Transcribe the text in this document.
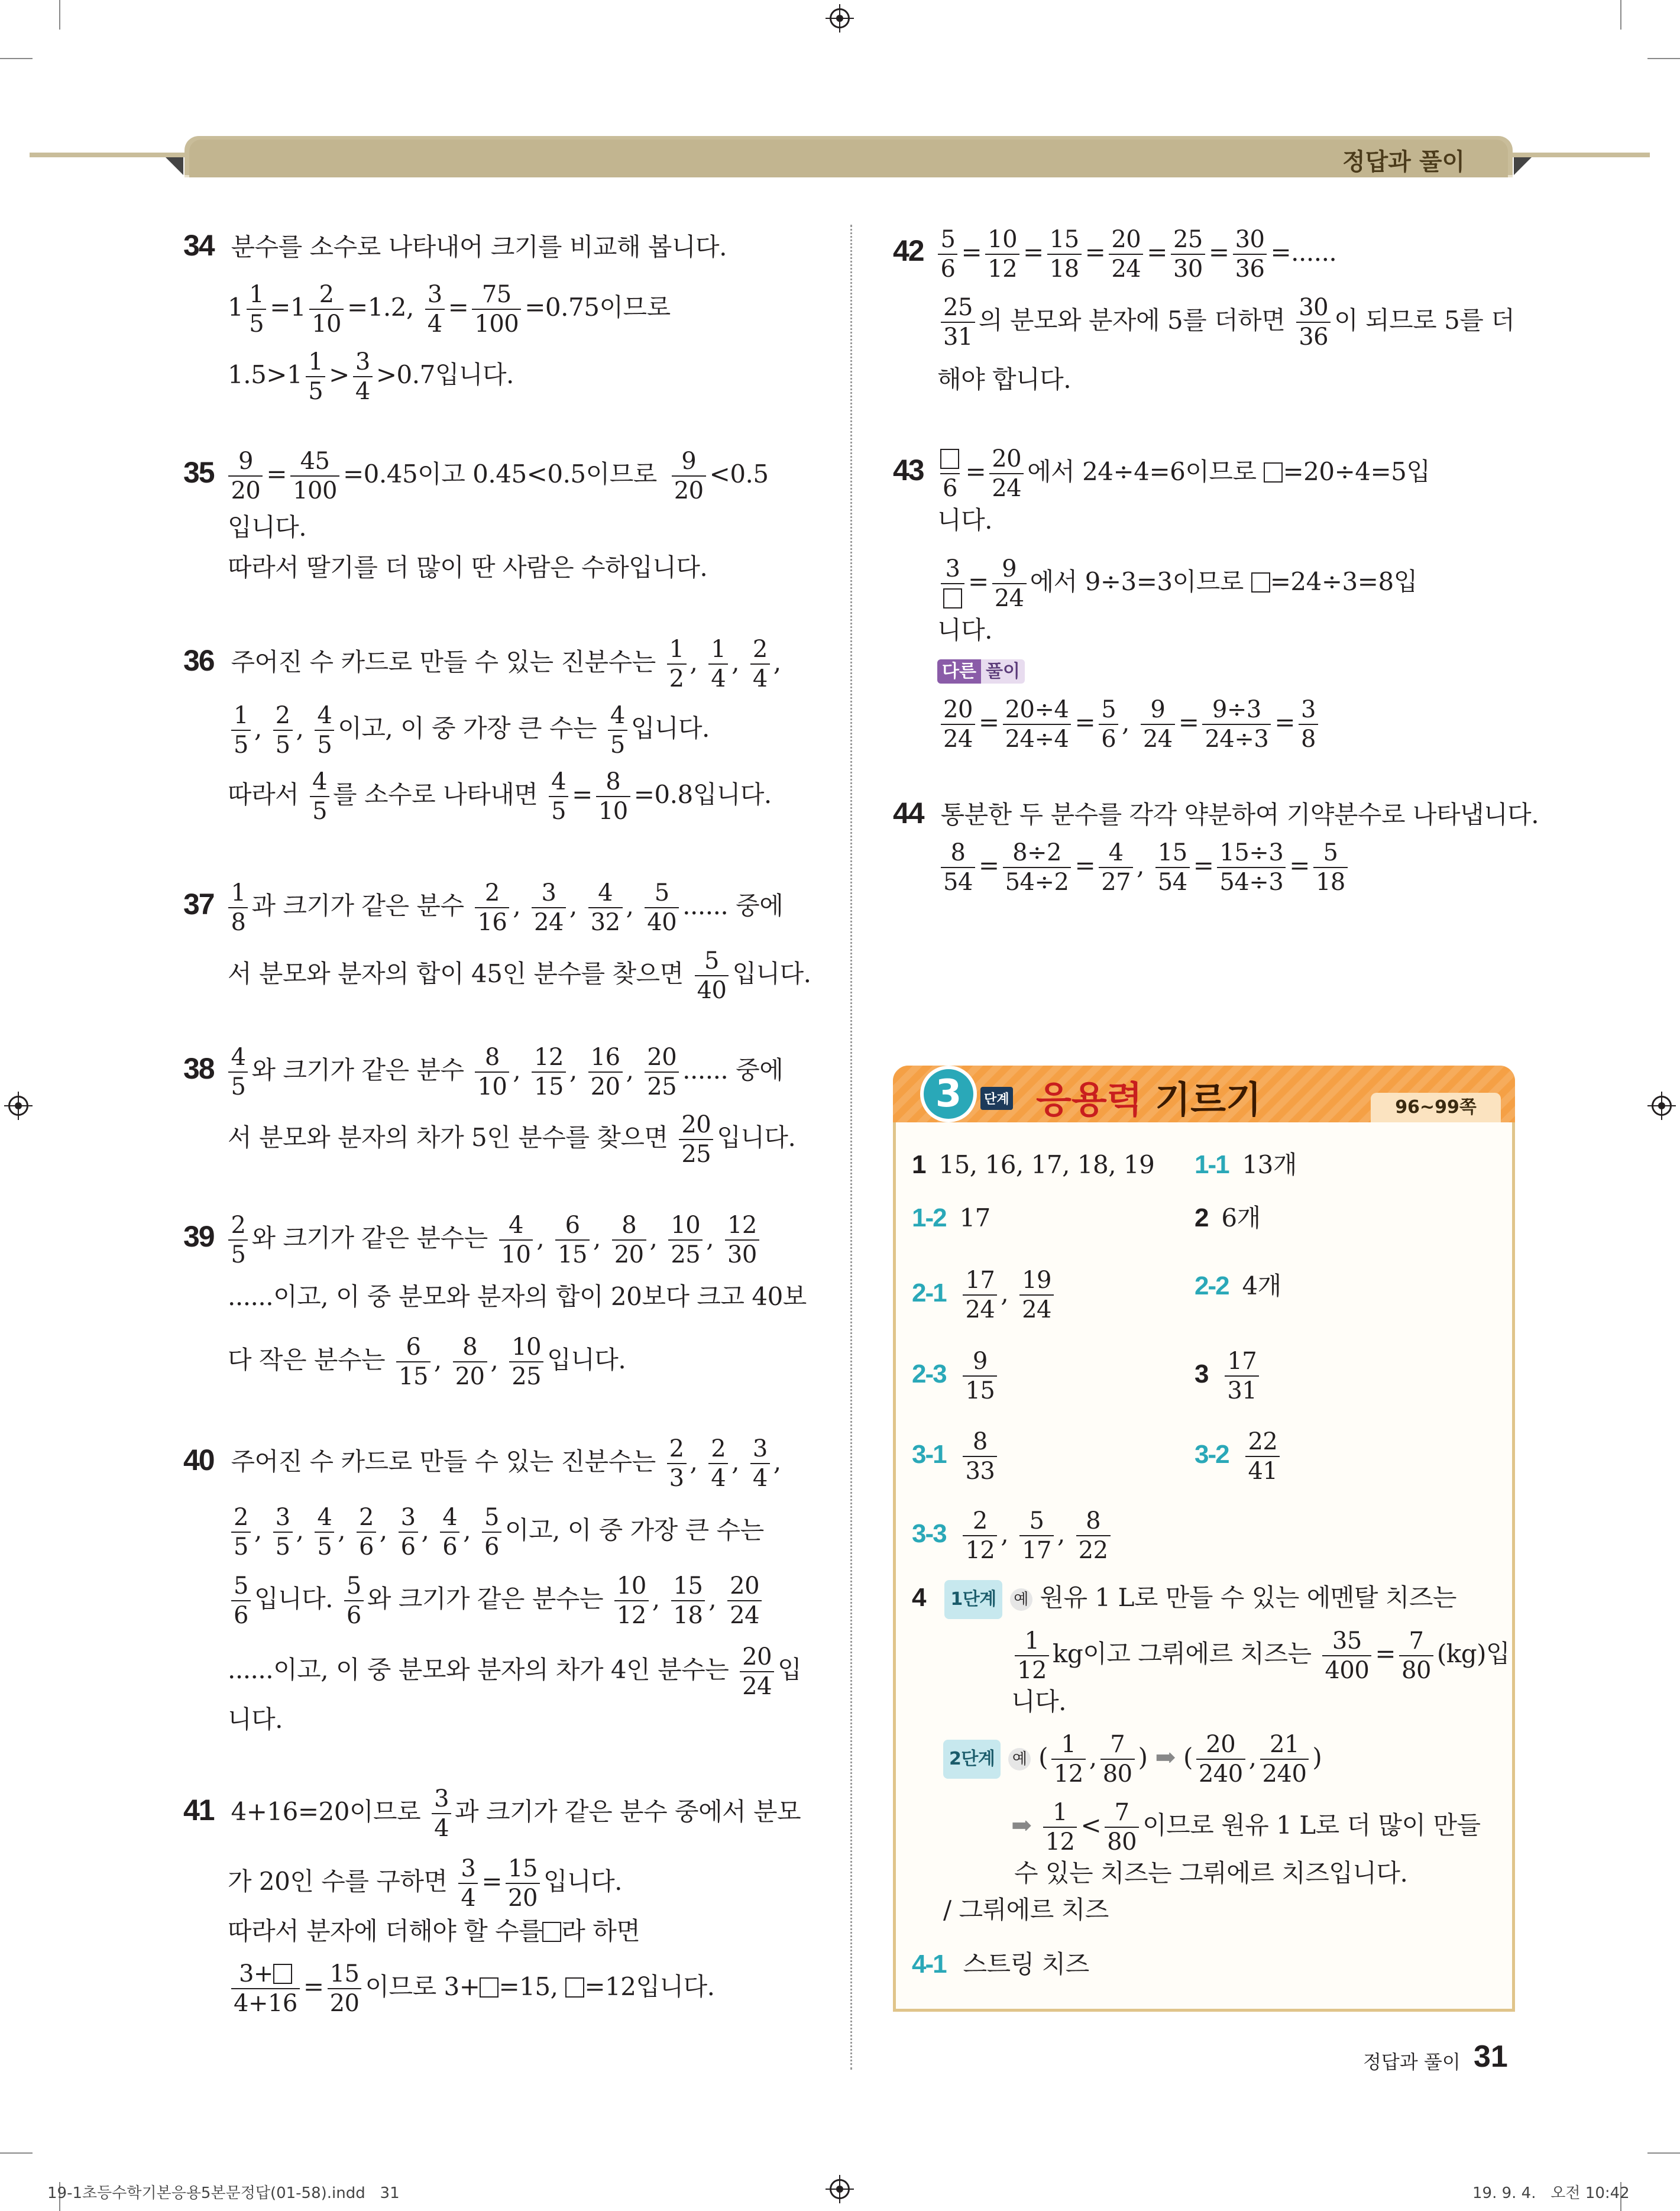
정답과 풀이
34 분수를 소수로 나타내어 크기를 비교해 봅니다.
$1 \frac{1}{5} =1 \frac{2}{10} =1.2$, $\frac{3}{4} = \frac{75}{100} =0.75$이므로
$1.5>1 \frac{1}{5} > \frac{3}{4} >0.7$입니다.
$35 \frac{9}{20} = \frac{45}{100} =0.45$이고 0.45<0.5이므로 $\frac{9}{20} <0.5$
입니다.
따라서 딸기를 더 많이 딴 사람은 수하입니다.
36 주어진 수 카드로 만들 수 있는 진분수는 $\frac{1}{2}$ , $\frac{1}{4}$ , $\frac{2}{4}$ ,
$\frac{1}{5}$ , $\frac{2}{5}$ , $\frac{4}{5}$ 이고, 이 중 가장 큰 수는 $\frac{4}{5}$ 입니다.
따라서 $\frac{4}{5}$ 를 소수로 나타내면 $\frac{4}{5} = \frac{8}{10} =0.8$입니다.
$37 \frac{1}{8}$ 과 크기가 같은 분수 $\frac{2}{16}$ , $\frac{3}{24}$ , $\frac{4}{32}$ , $\frac{5}{40}$ ...... 중에
서 분모와 분자의 합이 45인 분수를 찾으면 $\frac{5}{40}$ 입니다.
$38 \frac{4}{5}$ 와 크기가 같은 분수 $\frac{8}{10}$ , $\frac{12}{15}$ , $\frac{16}{20}$ , $\frac{20}{25}$ ...... 중에
서 분모와 분자의 차가 5인 분수를 찾으면 $\frac{20}{25}$ 입니다.
$39 \frac{2}{5}$ 와 크기가 같은 분수는 $\frac{4}{10}$ , $\frac{6}{15}$ , $\frac{8}{20}$ , $\frac{10}{25}$ , $\frac{12}{30}$
......이고, 이 중 분모와 분자의 합이 20보다 크고 40보
다 작은 분수는 $\frac{6}{15}$ , $\frac{8}{20}$ , $\frac{10}{25}$ 입니다.
40 주어진 수 카드로 만들 수 있는 진분수는 $\frac{2}{3}$ , $\frac{2}{4}$ , $\frac{3}{4}$ ,
$\frac{2}{5}$ , $\frac{3}{5}$ , $\frac{4}{5}$ , $\frac{2}{6}$ , $\frac{3}{6}$ , $\frac{4}{6}$ , $\frac{5}{6}$ 이고, 이 중 가장 큰 수는
$\frac{5}{6}$ 입니다. $\frac{5}{6}$ 와 크기가 같은 분수는 $\frac{10}{12}$ , $\frac{15}{18}$ , $\frac{20}{24}$
......이고, 이 중 분모와 분자의 차가 4인 분수는 $\frac{20}{24}$ 입
니다.
41 4+16=20이므로 $\frac{3}{4}$ 과 크기가 같은 분수 중에서 분모
가 20인 수를 구하면 $\frac{3}{4} = \frac{15}{20}$ 입니다.
따라서 분자에 더해야 할 수를 라 하면
$\frac{3+}{4+16} = \frac{15}{20}$ 이므로 3+ =15, =12입니다.
$42 \frac{5}{6} = \frac{10}{12} = \frac{15}{18} = \frac{20}{24} = \frac{25}{30} = \frac{30}{36}$ =......
$\frac{25}{31}$ 의 분모와 분자에 5를 더하면 $\frac{30}{36}$ 이 되므로 5를 더
해야 합니다.
43
6
= $\frac{20}{24}$ 에서 24÷4=6이므로 =20÷4=5입
니다.
$3 = \frac{9}{24}$ 에서 9÷3=3이므로 =24÷3=8입
니다.
다른 풀이
$\frac{20}{24} = \frac{20\div 4}{24\div 4} = \frac{5}{6}$ , $\frac{9}{24} = \frac{9\div 3}{24\div 3} = \frac{3}{8}$
44 통분한 두 분수를 각각 약분하여 기약분수로 나타냅니다.
$\frac{8}{54} = \frac{8\div 2}{54\div 2} = \frac{4}{27}$ , $\frac{15}{54} = \frac{15\div 3}{54\div 3} = \frac{5}{18}$
3 단계 응용력 기르기	96~99쪽
1 15, 16, 17, 18, 19 1-1 13개
1-2 17	2 6개
$2-1 \frac{17}{24}$ , $\frac{19}{24}$	2-2 4개
$2-3 \frac{9}{15}$	$3 \frac{17}{31}$
$3-1 \frac{8}{33}$	$3-2 \frac{22}{41}$
$3-3 \frac{2}{12}$ , $\frac{5}{17}$ , $\frac{8}{22}$
4 1단계 예 원유 1 L로 만들 수 있는 에멘탈 치즈는
$\frac{1}{12}$ kg이고 그뤼에르 치즈는 $\frac{35}{400} = \frac{7}{80} (kg)$입
니다.
2단계 예 ( $\frac{1}{12}$ , $\frac{7}{80}$ ) ➡ ( $\frac{20}{240}$ , $\frac{21}{240}$ )
➡ $\frac{1}{12} < \frac{7}{80}$ 이므로 원유 1 L로 더 많이 만들
수 있는 치즈는 그뤼에르 치즈입니다.
/ 그뤼에르 치즈
4-1 스트링 치즈
정답과 풀이 31
19-1초등수학기본응용5본문정답(01-58).indd   31	19. 9. 4.   오전 10:42
